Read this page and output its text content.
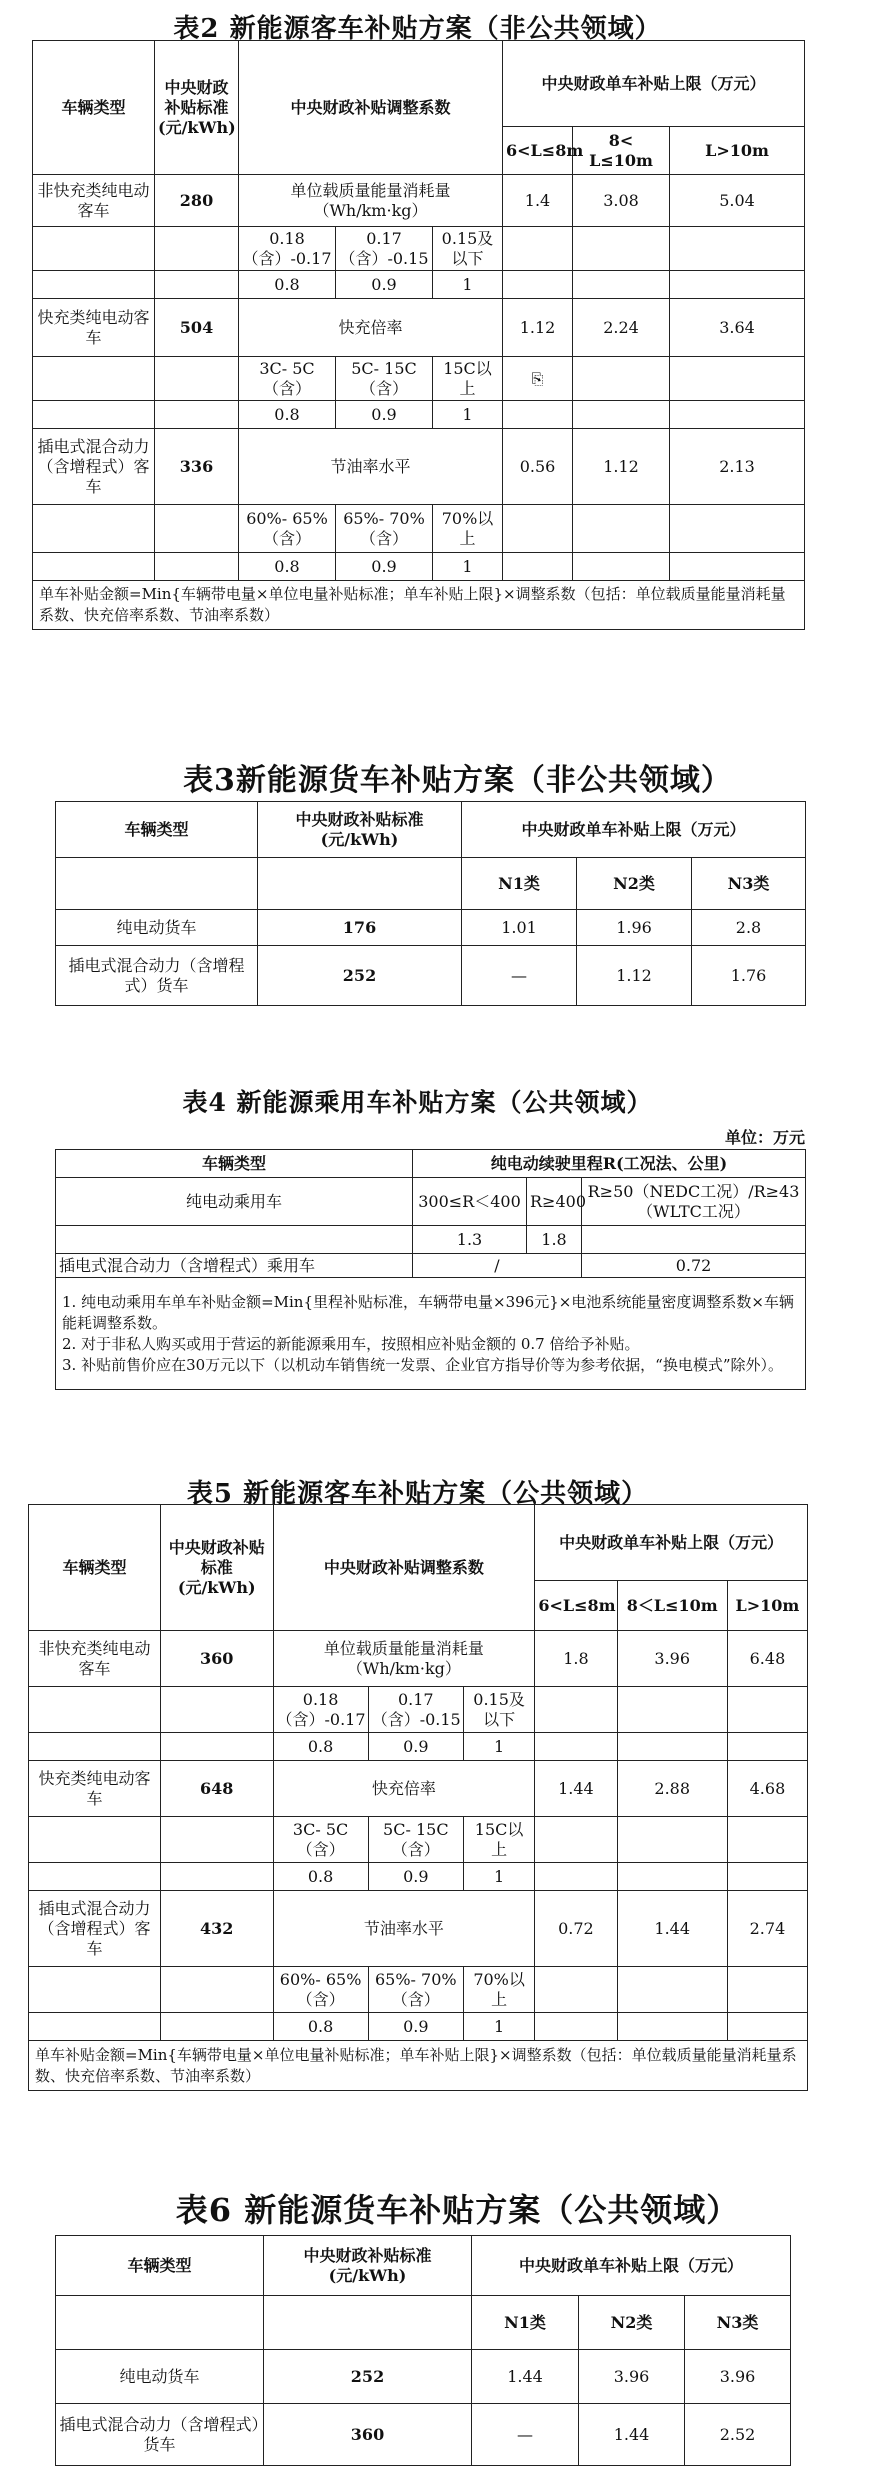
表2 新能源客车补贴方案（非公共领域）
车辆类型	中央财政补贴标准(元/kWh)	中央财政补贴调整系数			中央财政单车补贴上限（万元）		
					6<L≤8m	8< L≤10m	L>10m
非快充类纯电动客车	280	单位载质量能量消耗量（Wh/km·kg）			1.4	3.08	5.04
		0.18（含）-0.17	0.17（含）-0.15	0.15及以下			
		0.8	0.9	1			
快充类纯电动客车	504	快充倍率			1.12	2.24	3.64
		3C- 5C（含）	5C- 15C（含）	15C以上	⎘		
		0.8	0.9	1			
插电式混合动力（含增程式）客车	336	节油率水平			0.56	1.12	2.13
		60%- 65%（含）	65%- 70%（含）	70%以上			
		0.8	0.9	1			
单车补贴金额=Min{车辆带电量×单位电量补贴标准；单车补贴上限}×调整系数（包括：单位载质量能量消耗量系数、快充倍率系数、节油率系数）							
表3新能源货车补贴方案（非公共领域）
车辆类型	中央财政补贴标准(元/kWh)	中央财政单车补贴上限（万元）		
		N1类	N2类	N3类
纯电动货车	176	1.01	1.96	2.8
插电式混合动力（含增程式）货车	252	—	1.12	1.76
表4 新能源乘用车补贴方案（公共领域）
单位：万元
车辆类型	纯电动续驶里程R(工况法、公里)		
纯电动乘用车	300≤R＜400	R≥400	R≥50（NEDC工况）/R≥43（WLTC工况）
	1.3	1.8	
插电式混合动力（含增程式）乘用车	/		0.72

1. 纯电动乘用车单车补贴金额=Min{里程补贴标准，车辆带电量×396元}×电池系统能量密度调整系数×车辆能耗调整系数。
2. 对于非私人购买或用于营运的新能源乘用车，按照相应补贴金额的 0.7 倍给予补贴。
3. 补贴前售价应在30万元以下（以机动车销售统一发票、企业官方指导价等为参考依据，“换电模式”除外）。			
表5 新能源客车补贴方案（公共领域）
车辆类型	中央财政补贴标准(元/kWh)	中央财政补贴调整系数			中央财政单车补贴上限（万元）		
					6<L≤8m	8＜L≤10m	L>10m
非快充类纯电动客车	360	单位载质量能量消耗量（Wh/km·kg）			1.8	3.96	6.48
		0.18（含）-0.17	0.17（含）-0.15	0.15及以下			
		0.8	0.9	1			
快充类纯电动客车	648	快充倍率			1.44	2.88	4.68
		3C- 5C（含）	5C- 15C（含）	15C以上			
		0.8	0.9	1			
插电式混合动力（含增程式）客车	432	节油率水平			0.72	1.44	2.74
		60%- 65%（含）	65%- 70%（含）	70%以上			
		0.8	0.9	1			
单车补贴金额=Min{车辆带电量×单位电量补贴标准；单车补贴上限}×调整系数（包括：单位载质量能量消耗量系数、快充倍率系数、节油率系数）							
表6 新能源货车补贴方案（公共领域）
车辆类型	中央财政补贴标准(元/kWh)	中央财政单车补贴上限（万元）		
		N1类	N2类	N3类
纯电动货车	252	1.44	3.96	3.96
插电式混合动力（含增程式）货车	360	—	1.44	2.52
